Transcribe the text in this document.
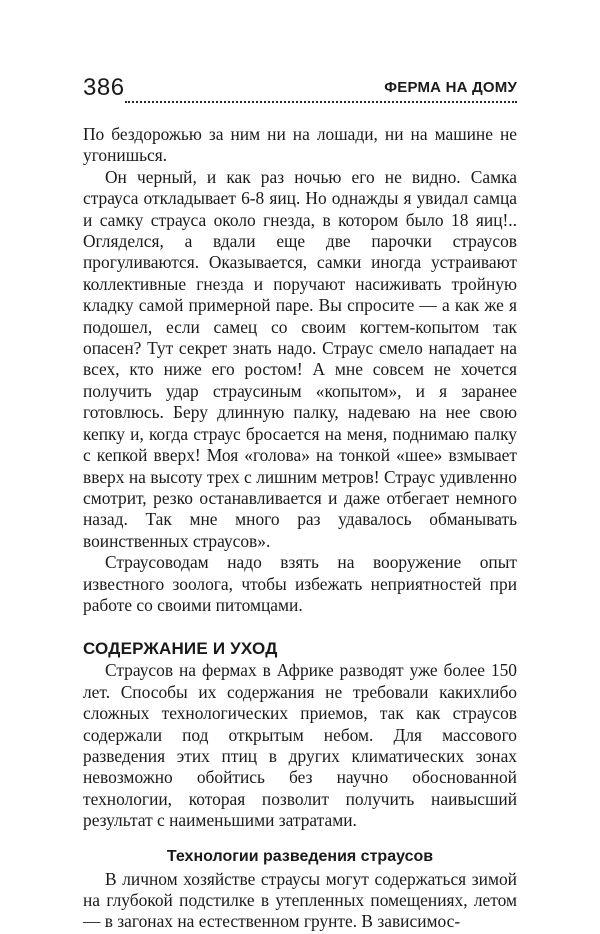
386	ФЕРМА НА ДОМУ

По бездорожью за ним ни на лошади, ни на машине не угонишься.

Он черный, и как раз ночью его не видно. Самка страуса откладывает 6-8 яиц. Но однажды я увидал самца и самку страуса около гнезда, в котором было 18 яиц!.. Огляделся, а вдали еще две парочки страусов прогуливаются. Оказывается, самки иногда устраивают коллективные гнезда и поручают насиживать тройную кладку самой примерной паре. Вы спросите — а как же я подошел, если самец со своим когтем-копытом так опасен? Тут секрет знать надо. Страус смело нападает на всех, кто ниже его ростом! А мне совсем не хочется получить удар страусиным «копытом», и я заранее готовлюсь. Беру длинную палку, надеваю на нее свою кепку и, когда страус бросается на меня, поднимаю палку с кепкой вверх! Моя «голова» на тонкой «шее» взмывает вверх на высоту трех с лишним метров! Страус удивленно смотрит, резко останавливается и даже отбегает немного назад. Так мне много раз удавалось обманывать воинственных страусов».

Страусоводам надо взять на вооружение опыт известного зоолога, чтобы избежать неприятностей при работе со своими питомцами.

СОДЕРЖАНИЕ И УХОД

Страусов на фермах в Африке разводят уже более 150 лет. Способы их содержания не требовали какихлибо сложных технологических приемов, так как страусов содержали под открытым небом. Для массового разведения этих птиц в других климатических зонах невозможно обойтись без научно обоснованной технологии, которая позволит получить наивысший результат с наименьшими затратами.

Технологии разведения страусов

В личном хозяйстве страусы могут содержаться зимой на глубокой подстилке в утепленных помещениях, летом — в загонах на естественном грунте. В зависимос-
